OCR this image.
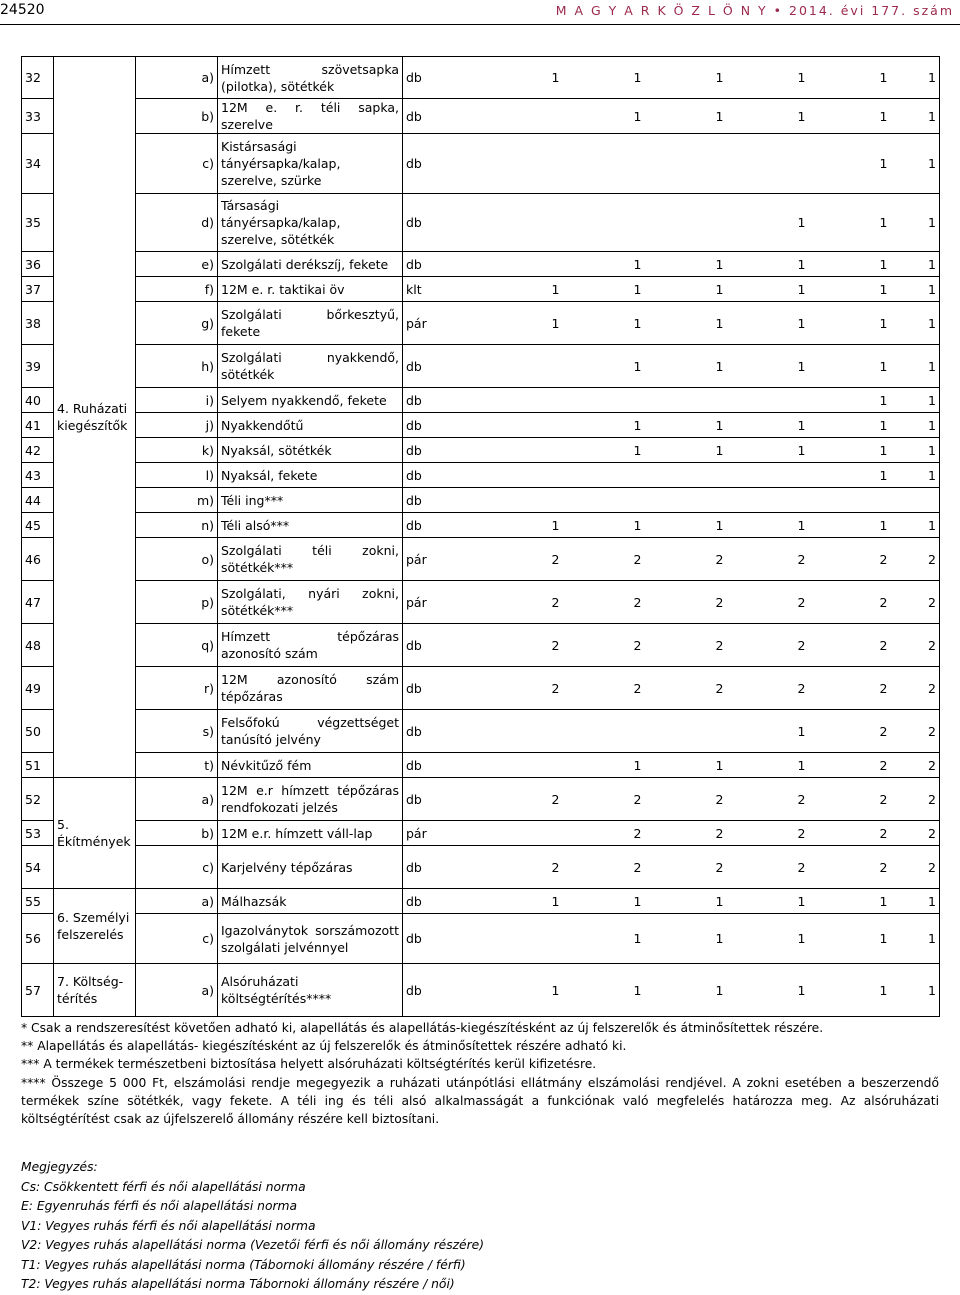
24520	M A G Y A R K Ö Z L Ö N Y • 2014. évi 177. szám
32	4. Ruházati kiegészítők	a)	Hímzett szövetsapka (pilotka), sötétkék	db	1	1	1	1	1	1
33		b)	12M e. r. téli sapka, szerelve	db		1	1	1	1	1
34		c)	Kistársasági tányérsapka/kalap, szerelve, szürke	db					1	1
35		d)	Társasági tányérsapka/kalap, szerelve, sötétkék	db				1	1	1
36		e)	Szolgálati derékszíj, fekete	db		1	1	1	1	1
37		f)	12M e. r. taktikai öv	klt	1	1	1	1	1	1
38		g)	Szolgálati bőrkesztyű, fekete	pár	1	1	1	1	1	1
39		h)	Szolgálati nyakkendő, sötétkék	db		1	1	1	1	1
40		i)	Selyem nyakkendő, fekete	db					1	1
41		j)	Nyakkendőtű	db		1	1	1	1	1
42		k)	Nyaksál, sötétkék	db		1	1	1	1	1
43		l)	Nyaksál, fekete	db					1	1
44		m)	Téli ing***	db						
45		n)	Téli alsó***	db	1	1	1	1	1	1
46		o)	Szolgálati téli zokni, sötétkék***	pár	2	2	2	2	2	2
47		p)	Szolgálati, nyári zokni, sötétkék***	pár	2	2	2	2	2	2
48		q)	Hímzett tépőzáras azonosító szám	db	2	2	2	2	2	2
49		r)	12M azonosító szám tépőzáras	db	2	2	2	2	2	2
50		s)	Felsőfokú végzettséget tanúsító jelvény	db				1	2	2
51		t)	Névkitűző fém	db		1	1	1	2	2
52	5. Ékítmények	a)	12M e.r hímzett tépőzáras rendfokozati jelzés	db	2	2	2	2	2	2
53		b)	12M e.r. hímzett váll-lap	pár		2	2	2	2	2
54		c)	Karjelvény tépőzáras	db	2	2	2	2	2	2
55	6. Személyi felszerelés	a)	Málhazsák	db	1	1	1	1	1	1
56		c)	Igazolványtok sorszámozott szolgálati jelvénnyel	db		1	1	1	1	1
57	7. Költség-térítés	a)	Alsóruházati költségtérítés****	db	1	1	1	1	1	1

* Csak a rendszeresítést követően adható ki, alapellátás és alapellátás-kiegészítésként az új felszerelők és átminősítettek részére.

** Alapellátás és alapellátás- kiegészítésként az új felszerelők és átminősítettek részére adható ki.

*** A termékek természetbeni biztosítása helyett alsóruházati költségtérítés kerül kifizetésre.

**** Összege 5 000 Ft, elszámolási rendje megegyezik a ruházati utánpótlási ellátmány elszámolási rendjével. A zokni esetében a beszerzendő termékek színe sötétkék, vagy fekete. A téli ing és téli alsó alkalmasságát a funkciónak való megfelelés határozza meg. Az alsóruházati költségtérítést csak az újfelszerelő állomány részére kell biztosítani.

Megjegyzés:

Cs: Csökkentett férfi és női alapellátási norma

E: Egyenruhás férfi és női alapellátási norma

V1: Vegyes ruhás férfi és női alapellátási norma

V2: Vegyes ruhás alapellátási norma (Vezetői férfi és női állomány részére)

T1: Vegyes ruhás alapellátási norma (Tábornoki állomány részére / férfi)

T2: Vegyes ruhás alapellátási norma Tábornoki állomány részére / női)
